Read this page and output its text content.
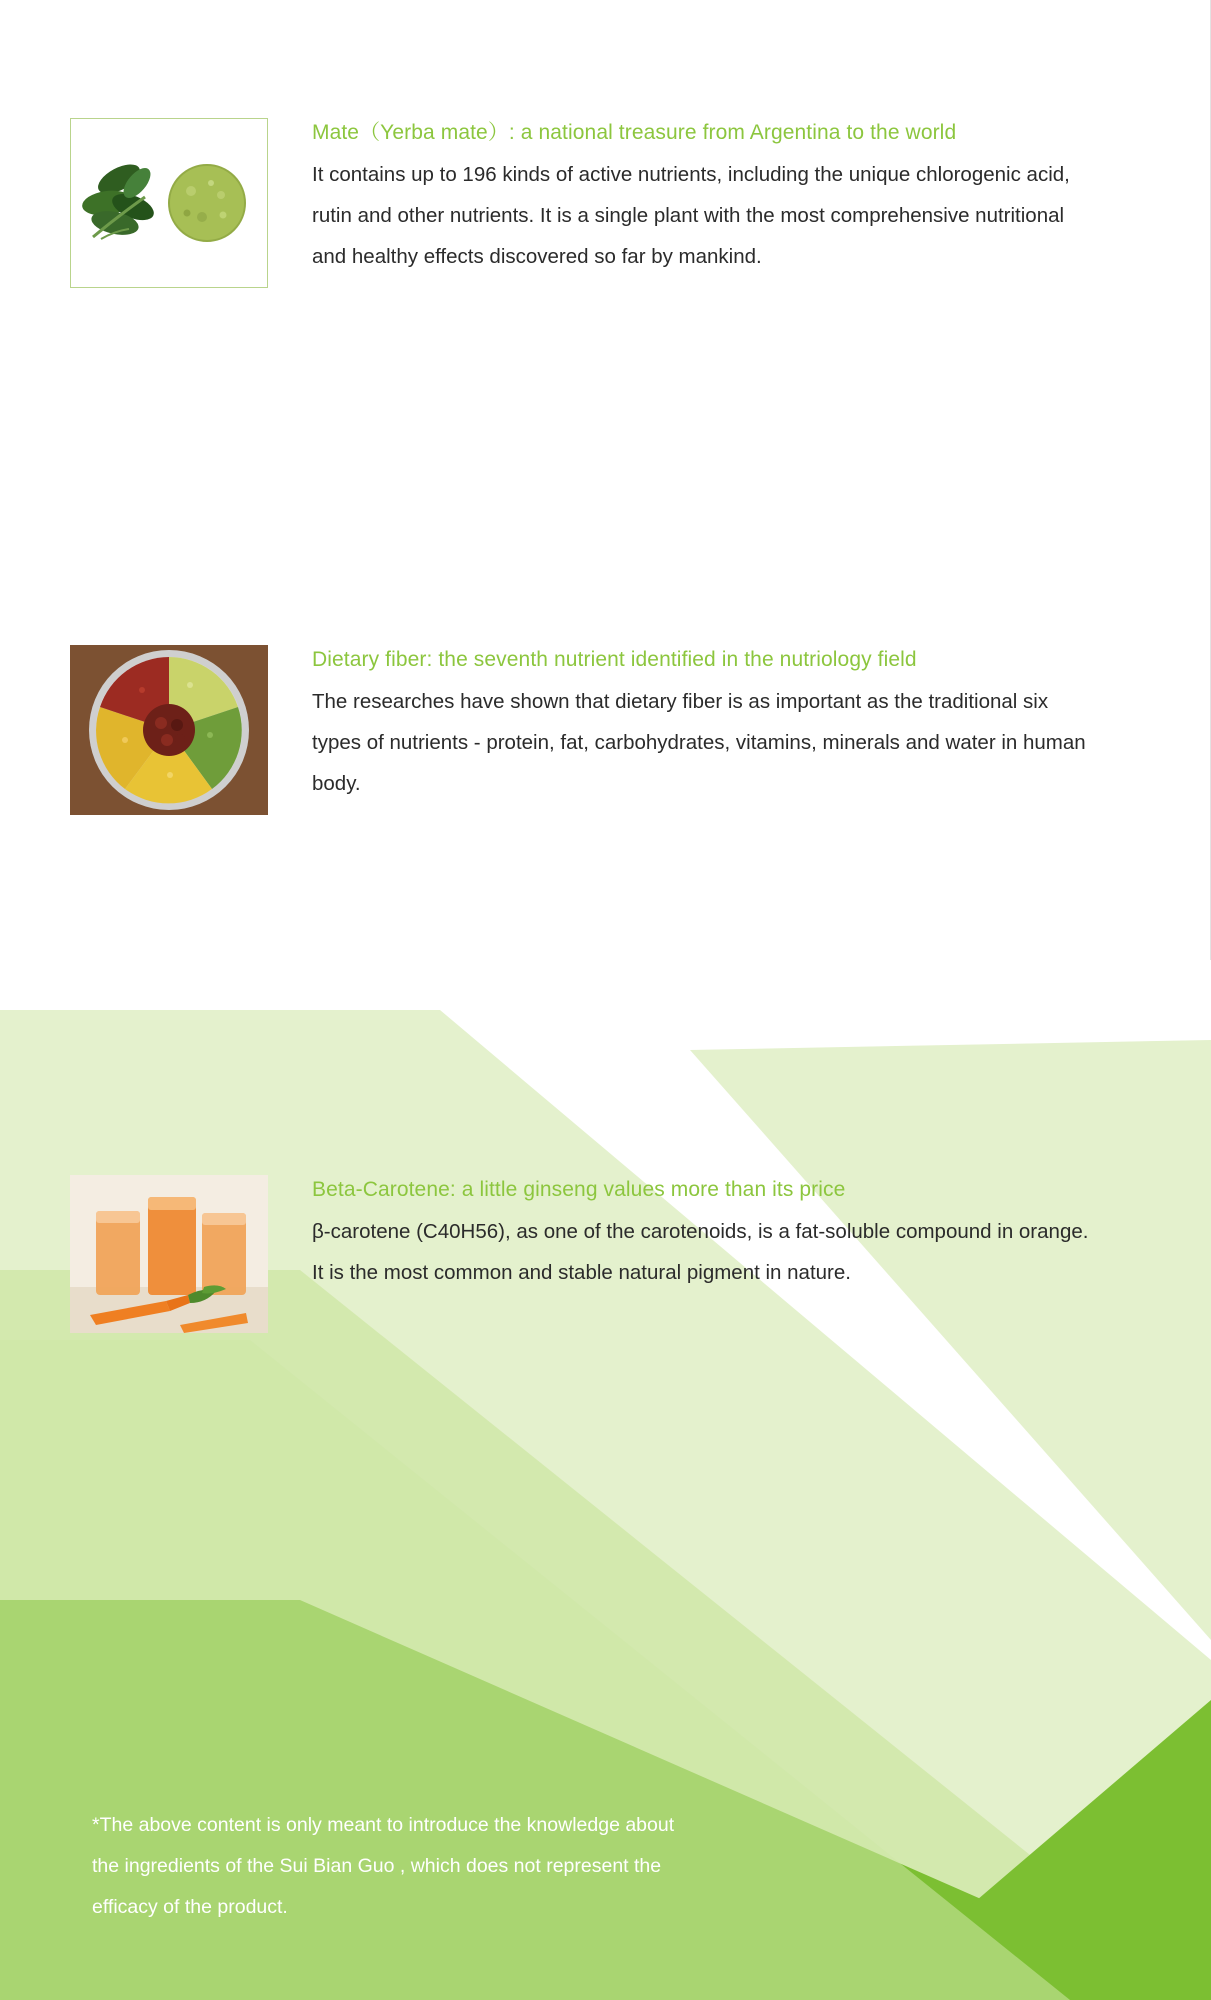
Mate（Yerba mate）: a national treasure from Argentina to the world

It contains up to 196 kinds of active nutrients, including the unique chlorogenic acid, rutin and other nutrients. It is a single plant with the most comprehensive nutritional and healthy effects discovered so far by mankind.

Dietary fiber: the seventh nutrient identified in the nutriology field

The researches have shown that dietary fiber is as important as the traditional six types of nutrients - protein, fat, carbohydrates, vitamins, minerals and water in human body.

Beta-Carotene: a little ginseng values more than its price

β-carotene (C40H56), as one of the carotenoids, is a fat-soluble compound in orange. It is the most common and stable natural pigment in nature.

*The above content is only meant to introduce the knowledge about the ingredients of the Sui Bian Guo , which does not represent the efficacy of the product.
